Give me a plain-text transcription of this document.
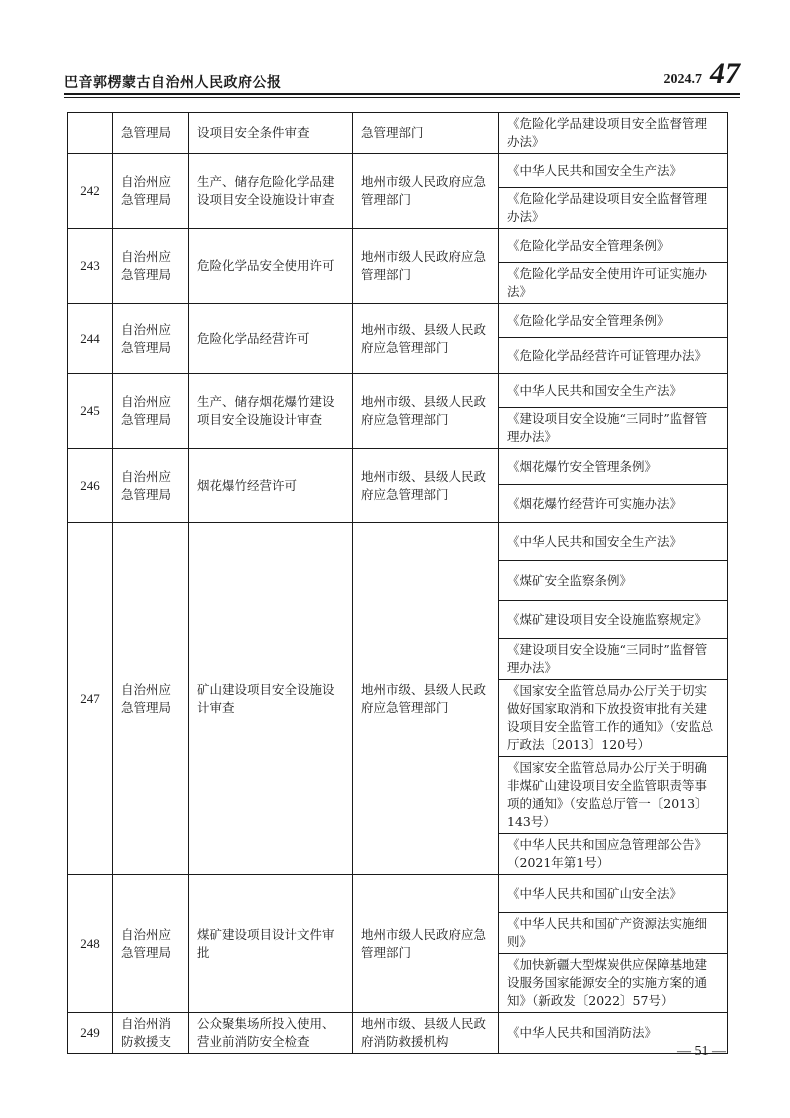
巴音郭楞蒙古自治州人民政府公报	2024.7 47
	急管理局	设项目安全条件审查	急管理部门	《危险化学品建设项目安全监督管理办法》
242	自治州应急管理局	生产、储存危险化学品建设项目安全设施设计审查	地州市级人民政府应急管理部门	《中华人民共和国安全生产法》
				《危险化学品建设项目安全监督管理办法》
243	自治州应急管理局	危险化学品安全使用许可	地州市级人民政府应急管理部门	《危险化学品安全管理条例》
				《危险化学品安全使用许可证实施办法》
244	自治州应急管理局	危险化学品经营许可	地州市级、县级人民政府应急管理部门	《危险化学品安全管理条例》
				《危险化学品经营许可证管理办法》
245	自治州应急管理局	生产、储存烟花爆竹建设项目安全设施设计审查	地州市级、县级人民政府应急管理部门	《中华人民共和国安全生产法》
				《建设项目安全设施“三同时”监督管理办法》
246	自治州应急管理局	烟花爆竹经营许可	地州市级、县级人民政府应急管理部门	《烟花爆竹安全管理条例》
				《烟花爆竹经营许可实施办法》
247	自治州应急管理局	矿山建设项目安全设施设计审查	地州市级、县级人民政府应急管理部门	《中华人民共和国安全生产法》
				《煤矿安全监察条例》
				《煤矿建设项目安全设施监察规定》
				《建设项目安全设施“三同时”监督管理办法》
				《国家安全监管总局办公厅关于切实做好国家取消和下放投资审批有关建设项目安全监管工作的通知》（安监总厅政法〔2013〕120号）
				《国家安全监管总局办公厅关于明确非煤矿山建设项目安全监管职责等事项的通知》（安监总厅管一〔2013〕143号）
				《中华人民共和国应急管理部公告》（2021年第1号）
248	自治州应急管理局	煤矿建设项目设计文件审批	地州市级人民政府应急管理部门	《中华人民共和国矿山安全法》
				《中华人民共和国矿产资源法实施细则》
				《加快新疆大型煤炭供应保障基地建设服务国家能源安全的实施方案的通知》（新政发〔2022〕57号）
249	自治州消防救援支	公众聚集场所投入使用、营业前消防安全检查	地州市级、县级人民政府消防救援机构	《中华人民共和国消防法》
— 51 —
